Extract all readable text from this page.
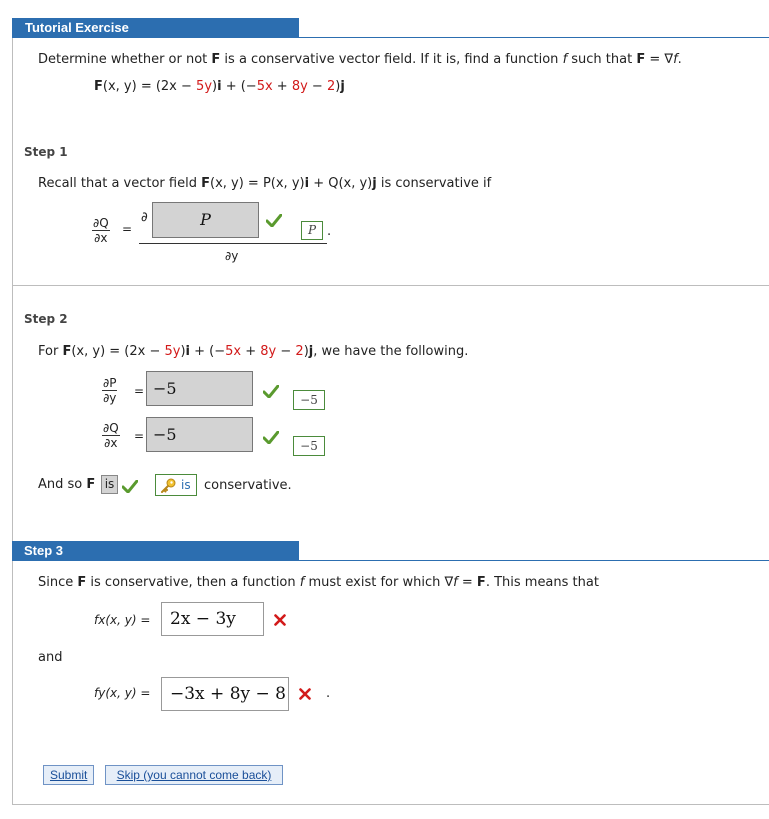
Tutorial Exercise
Determine whether or not F is a conservative vector field. If it is, find a function f such that F = ∇f.
F(x, y) = (2x − 5y)i + (−5x + 8y − 2)j
Step 1
Recall that a vector field F(x, y) = P(x, y)i + Q(x, y)j is conservative if
$\frac{\partial Q}{\partial x}$ =
∂	P
P .
∂y
Step 2
For F(x, y) = (2x − 5y)i + (−5x + 8y − 2)j, we have the following.
$\frac{\partial P}{\partial y} = -5$
−5
$\frac{\partial Q}{\partial x} = -5$
−5
And so F is	is conservative.
Step 3
Since F is conservative, then a function f must exist for which ∇f = F. This means that
fx(x, y) =	2x − 3y
and
fy(x, y) =	−3x + 8y − 8	.
Submit	Skip (you cannot come back)
